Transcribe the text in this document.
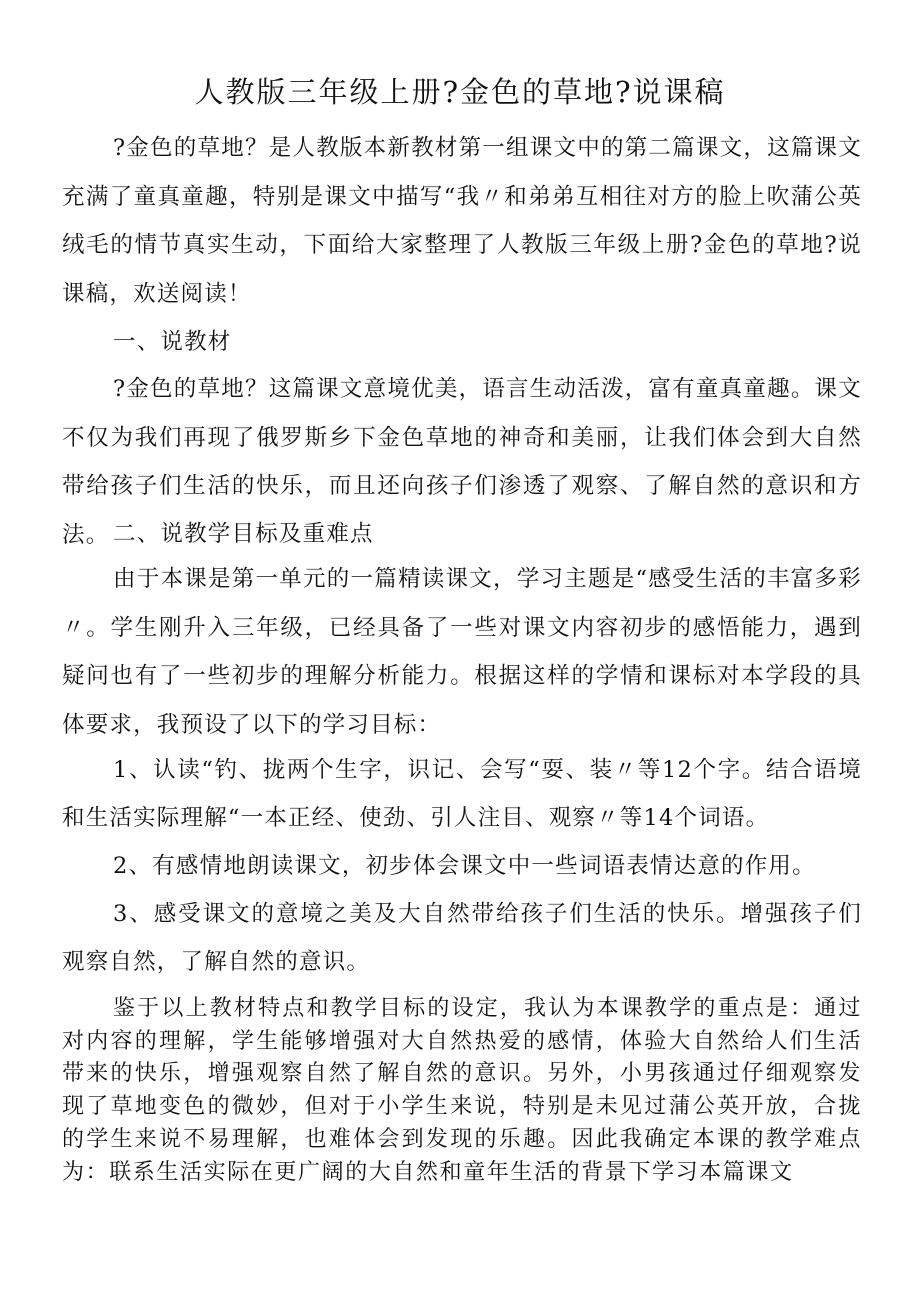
人教版三年级上册?金色的草地?说课稿

?金色的草地？是人教版本新教材第一组课文中的第二篇课文，这篇课文充满了童真童趣，特别是课文中描写“我〃和弟弟互相往对方的脸上吹蒲公英绒毛的情节真实生动，下面给大家整理了人教版三年级上册?金色的草地?说课稿，欢送阅读！

一、说教材

?金色的草地？这篇课文意境优美，语言生动活泼，富有童真童趣。课文不仅为我们再现了俄罗斯乡下金色草地的神奇和美丽，让我们体会到大自然带给孩子们生活的快乐，而且还向孩子们渗透了观察、了解自然的意识和方法。 二、说教学目标及重难点

由于本课是第一单元的一篇精读课文，学习主题是“感受生活的丰富多彩〃。学生刚升入三年级，已经具备了一些对课文内容初步的感悟能力，遇到疑问也有了一些初步的理解分析能力。根据这样的学情和课标对本学段的具体要求，我预设了以下的学习目标：

1、认读“钓、拢两个生字，识记、会写“耍、装〃等12个字。结合语境和生活实际理解“一本正经、使劲、引人注目、观察〃等14个词语。

2、有感情地朗读课文，初步体会课文中一些词语表情达意的作用。

3、感受课文的意境之美及大自然带给孩子们生活的快乐。增强孩子们观察自然，了解自然的意识。

鉴于以上教材特点和教学目标的设定，我认为本课教学的重点是：通过对内容的理解，学生能够增强对大自然热爱的感情，体验大自然给人们生活带来的快乐，增强观察自然了解自然的意识。另外，小男孩通过仔细观察发现了草地变色的微妙，但对于小学生来说，特别是未见过蒲公英开放，合拢的学生来说不易理解，也难体会到发现的乐趣。因此我确定本课的教学难点为：联系生活实际在更广阔的大自然和童年生活的背景下学习本篇课文
